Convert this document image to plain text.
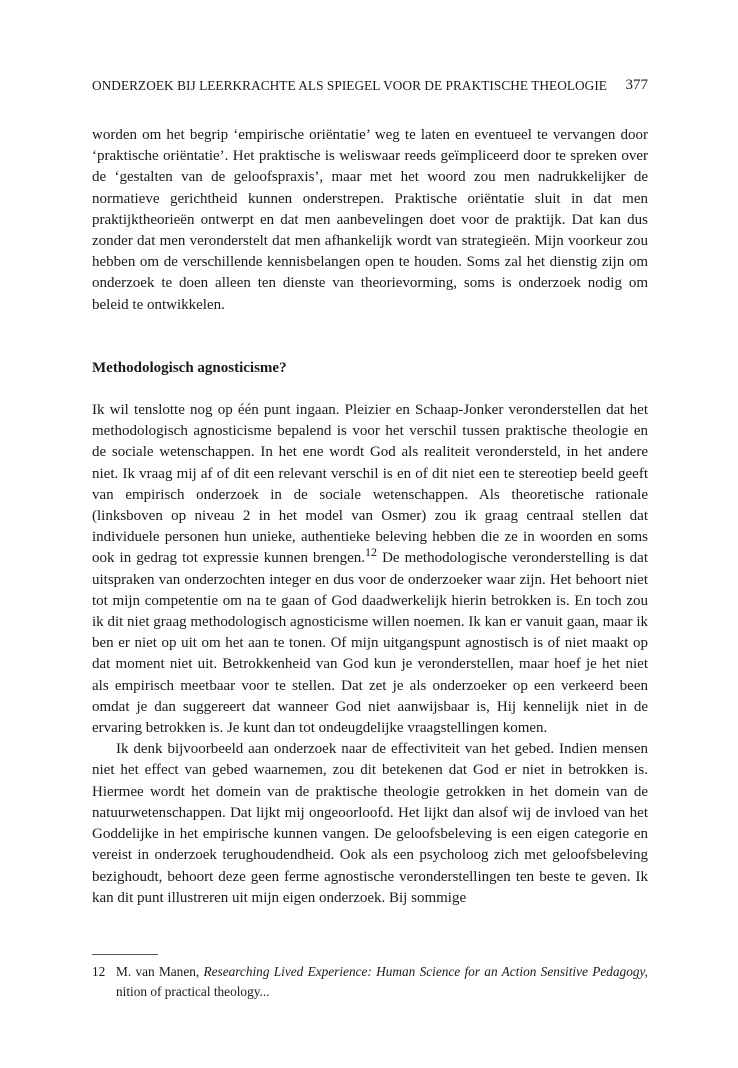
ONDERZOEK BIJ LEERKRACHTE ALS SPIEGEL VOOR DE PRAKTISCHE THEOLOGIE 377

worden om het begrip ‘empirische oriëntatie’ weg te laten en eventueel te vervangen door ‘praktische oriëntatie’. Het praktische is weliswaar reeds geïmpliceerd door te spreken over de ‘gestalten van de geloofspraxis’, maar met het woord zou men nadrukkelijker de normatieve gerichtheid kunnen onderstrepen. Praktische oriëntatie sluit in dat men praktijktheorieën ontwerpt en dat men aanbevelingen doet voor de praktijk. Dat kan dus zonder dat men veronderstelt dat men afhankelijk wordt van strategieën. Mijn voorkeur zou hebben om de verschillende kennisbelangen open te houden. Soms zal het dienstig zijn om onderzoek te doen alleen ten dienste van theorievorming, soms is onderzoek nodig om beleid te ontwikkelen.

Methodologisch agnosticisme?

Ik wil tenslotte nog op één punt ingaan. Pleizier en Schaap-Jonker veronderstellen dat het methodologisch agnosticisme bepalend is voor het verschil tussen praktische theologie en de sociale wetenschappen. In het ene wordt God als realiteit verondersteld, in het andere niet. Ik vraag mij af of dit een relevant verschil is en of dit niet een te stereotiep beeld geeft van empirisch onderzoek in de sociale wetenschappen. Als theoretische rationale (linksboven op niveau 2 in het model van Osmer) zou ik graag centraal stellen dat individuele personen hun unieke, authentieke beleving hebben die ze in woorden en soms ook in gedrag tot expressie kunnen brengen.$^{12}$ De methodologische veronderstelling is dat uitspraken van onderzochten integer en dus voor de onderzoeker waar zijn. Het behoort niet tot mijn competentie om na te gaan of God daadwerkelijk hierin betrokken is. En toch zou ik dit niet graag methodologisch agnosticisme willen noemen. Ik kan er vanuit gaan, maar ik ben er niet op uit om het aan te tonen. Of mijn uitgangspunt agnostisch is of niet maakt op dat moment niet uit. Betrokkenheid van God kun je veronderstellen, maar hoef je het niet als empirisch meetbaar voor te stellen. Dat zet je als onderzoeker op een verkeerd been omdat je dan suggereert dat wanneer God niet aanwijsbaar is, Hij kennelijk niet in de ervaring betrokken is. Je kunt dan tot ondeugdelijke vraagstellingen komen.

Ik denk bijvoorbeeld aan onderzoek naar de effectiviteit van het gebed. Indien mensen niet het effect van gebed waarnemen, zou dit betekenen dat God er niet in betrokken is. Hiermee wordt het domein van de praktische theologie getrokken in het domein van de natuurwetenschappen. Dat lijkt mij ongeoorloofd. Het lijkt dan alsof wij de invloed van het Goddelijke in het empirische kunnen vangen. De geloofsbeleving is een eigen categorie en vereist in onderzoek terughoudendheid. Ook als een psycholoog zich met geloofsbeleving bezighoudt, behoort deze geen ferme agnostische veronderstellingen ten beste te geven. Ik kan dit punt illustreren uit mijn eigen onderzoek. Bij sommige

12 M. van Manen, Researching Lived Experience: Human Science for an Action Sensitive Pedagogy, nition of practical theology...
